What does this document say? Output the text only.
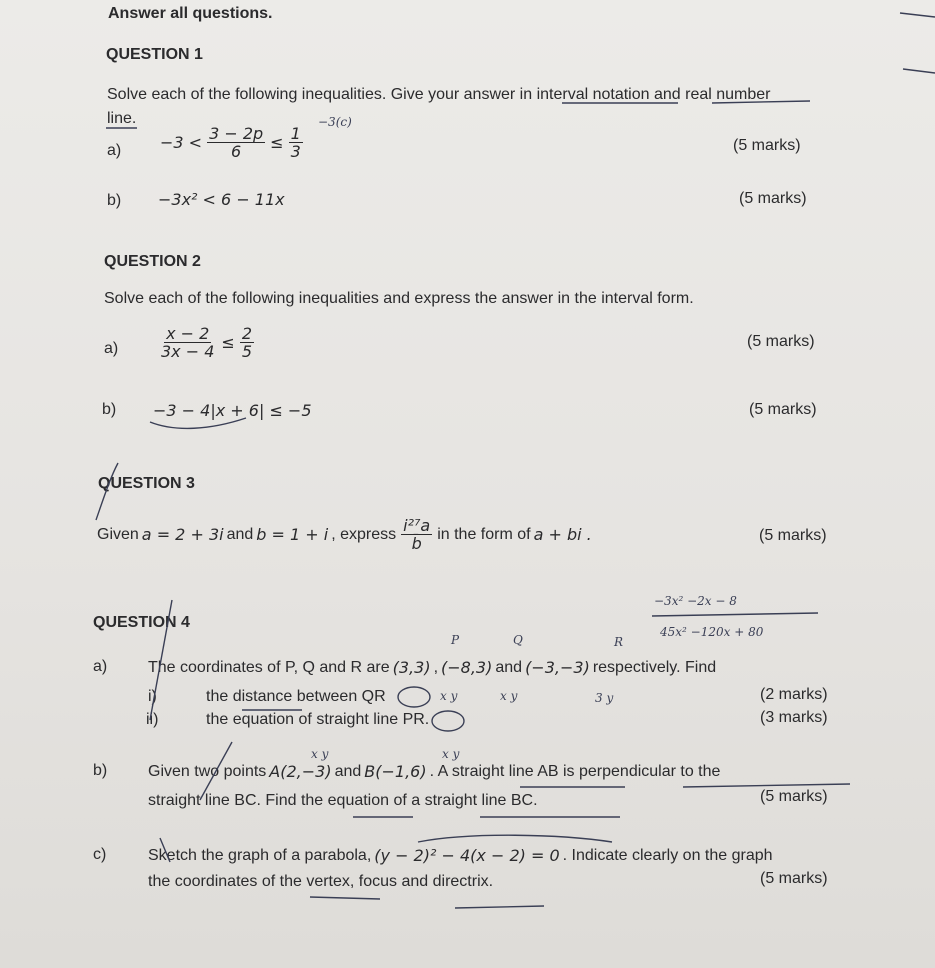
Answer all questions.
QUESTION 1
Solve each of the following inequalities. Give your answer in interval notation and real number
line.
$a) -3 < \frac{3 - 2p}{6} \le \frac{1}{3}$	(5 marks)
b) −3x² < 6 − 11x	(5 marks)
QUESTION 2
Solve each of the following inequalities and express the answer in the interval form.
a)	$\frac{x - 2}{3x - 4} \le \frac{2}{5}$	(5 marks)
b) −3 − 4|x + 6| ≤ −5	(5 marks)
QUESTION 3
Given a = 2 + 3i and b = 1 + i , express $\frac{\text{i²⁷a}}{b̄}$ in the form of a + bi .	(5 marks)
QUESTION 4
a)	The coordinates of P, Q and R are (3,3) , (−8,3) and (−3,−3) respectively. Find
i)	the distance between QR	(2 marks)
ii)	the equation of straight line PR.	(3 marks)
b)	Given two points A(2,−3) and B(−1,6) . A straight line AB is perpendicular to the
straight line BC. Find the equation of a straight line BC.	(5 marks)
c)	Sketch the graph of a parabola, (y − 2)² − 4(x − 2) = 0 . Indicate clearly on the graph
the coordinates of the vertex, focus and directrix.	(5 marks)
−3(c)
−3x² −2x − 8
45x² −120x + 80
P	Q	R
x y	x y	3 y
x y	x y
